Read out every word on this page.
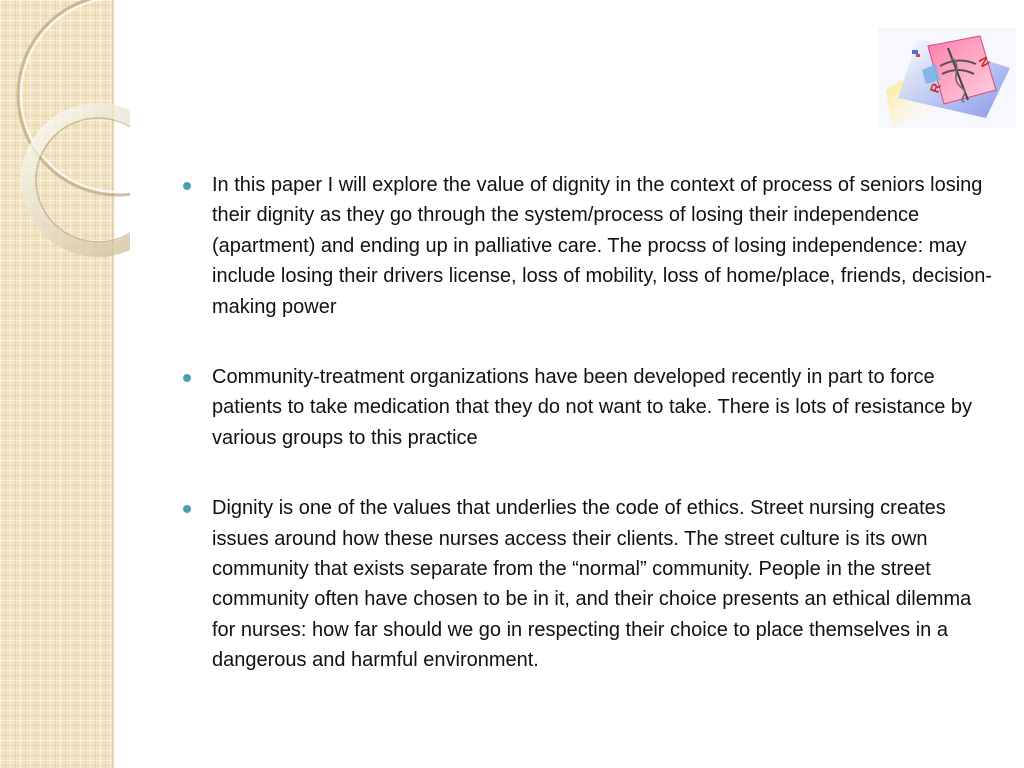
N
R
In this paper I will explore the value of dignity in the context of process of seniors losing their dignity as they go through the system/process of losing their independence (apartment) and ending up in palliative care. The procss of losing independence: may include losing their drivers license, loss of mobility, loss of home/place, friends, decision-making power
Community-treatment organizations have been developed recently in part to force patients to take medication that they do not want to take. There is lots of resistance by various groups to this practice
Dignity is one of the values that underlies the code of ethics. Street nursing creates issues around how these nurses access their clients. The street culture is its own community that exists separate from the “normal” community. People in the street community often have chosen to be in it, and their choice presents an ethical dilemma for nurses: how far should we go in respecting their choice to place themselves in a dangerous and harmful environment.
